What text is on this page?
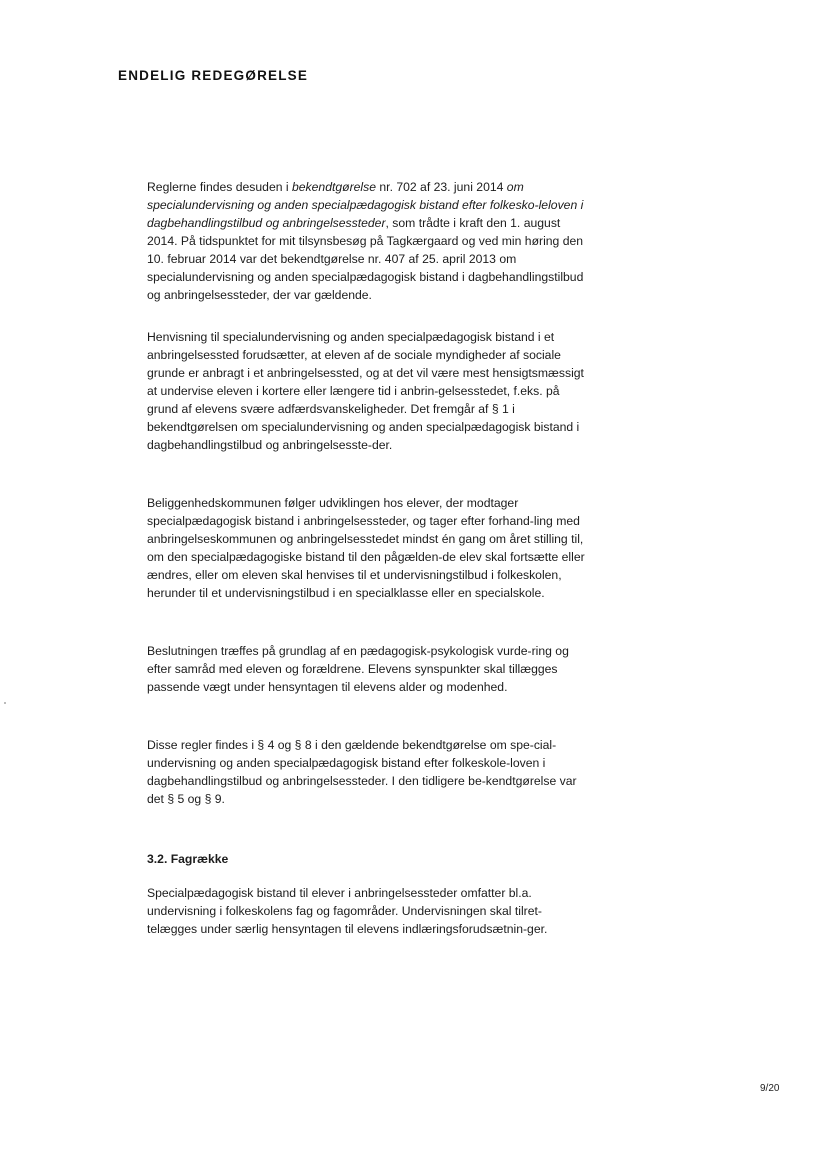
ENDELIG REDEGØRELSE

Reglerne findes desuden i bekendtgørelse nr. 702 af 23. juni 2014 om specialundervisning og anden specialpædagogisk bistand efter folkesko-leloven i dagbehandlingstilbud og anbringelsessteder, som trådte i kraft den 1. august 2014. På tidspunktet for mit tilsynsbesøg på Tagkærgaard og ved min høring den 10. februar 2014 var det bekendtgørelse nr. 407 af 25. april 2013 om specialundervisning og anden specialpædagogisk bistand i dagbehandlingstilbud og anbringelsessteder, der var gældende.

Henvisning til specialundervisning og anden specialpædagogisk bistand i et anbringelsessted forudsætter, at eleven af de sociale myndigheder af sociale grunde er anbragt i et anbringelsessted, og at det vil være mest hensigtsmæssigt at undervise eleven i kortere eller længere tid i anbrin-gelsesstedet, f.eks. på grund af elevens svære adfærdsvanskeligheder. Det fremgår af § 1 i bekendtgørelsen om specialundervisning og anden specialpædagogisk bistand i dagbehandlingstilbud og anbringelsesste-der.

Beliggenhedskommunen følger udviklingen hos elever, der modtager specialpædagogisk bistand i anbringelsessteder, og tager efter forhand-ling med anbringelseskommunen og anbringelsesstedet mindst én gang om året stilling til, om den specialpædagogiske bistand til den pågælden-de elev skal fortsætte eller ændres, eller om eleven skal henvises til et undervisningstilbud i folkeskolen, herunder til et undervisningstilbud i en specialklasse eller en specialskole.

Beslutningen træffes på grundlag af en pædagogisk-psykologisk vurde-ring og efter samråd med eleven og forældrene. Elevens synspunkter skal tillægges passende vægt under hensyntagen til elevens alder og modenhed.

Disse regler findes i § 4 og § 8 i den gældende bekendtgørelse om spe-cial-undervisning og anden specialpædagogisk bistand efter folkeskole-loven i dagbehandlingstilbud og anbringelsessteder. I den tidligere be-kendtgørelse var det § 5 og § 9.

3.2. Fagrække

Specialpædagogisk bistand til elever i anbringelsessteder omfatter bl.a. undervisning i folkeskolens fag og fagområder. Undervisningen skal tilret-telægges under særlig hensyntagen til elevens indlæringsforudsætnin-ger.

9/20
